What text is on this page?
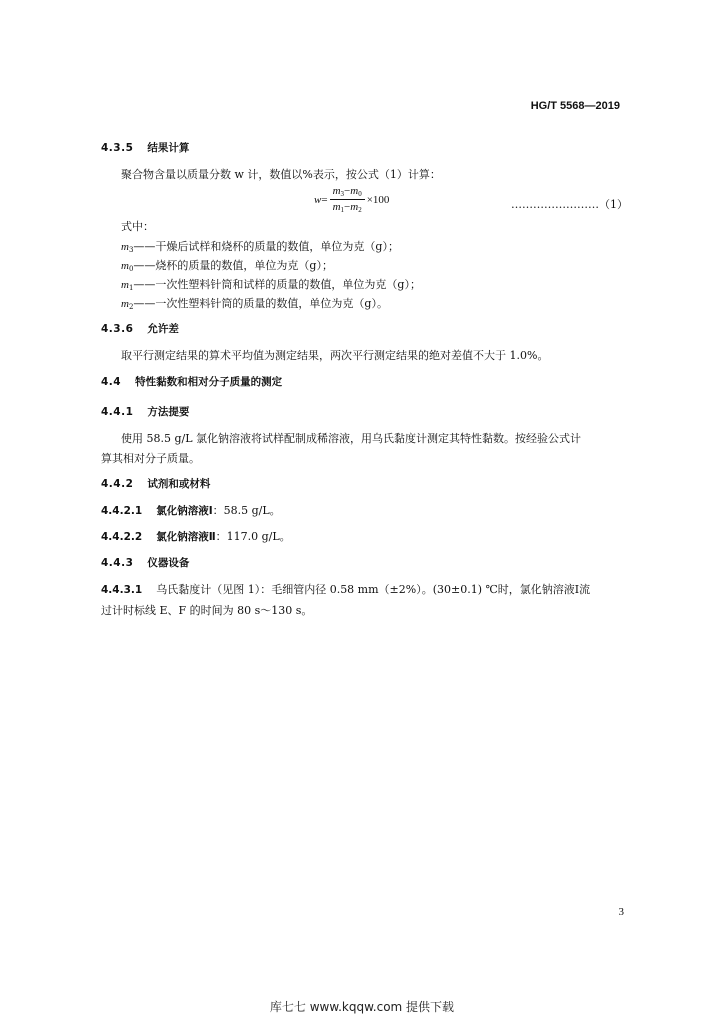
HG/T 5568—2019
4.3.5 结果计算
聚合物含量以质量分数 w 计，数值以%表示，按公式（1）计算：
$w = \frac{m_3-m_0}{m_1-m_2} \times 100$	……………………（1）
式中：
$m_3——$干燥后试样和烧杯的质量的数值，单位为克（g）；
$m_0——$烧杯的质量的数值，单位为克（g）；
$m_1——$一次性塑料针筒和试样的质量的数值，单位为克（g）；
$m_2——$一次性塑料针筒的质量的数值，单位为克（g）。
4.3.6 允许差
取平行测定结果的算术平均值为测定结果，两次平行测定结果的绝对差值不大于 1.0%。
4.4 特性黏数和相对分子质量的测定
4.4.1 方法提要
使用 58.5 g/L 氯化钠溶液将试样配制成稀溶液，用乌氏黏度计测定其特性黏数。按经验公式计
算其相对分子质量。
4.4.2 试剂和或材料
4.4.2.1 氯化钠溶液Ⅰ：58.5 g/L。
4.4.2.2 氯化钠溶液Ⅱ：117.0 g/L。
4.4.3 仪器设备
4.4.3.1 乌氏黏度计（见图 1）：毛细管内径 0.58 mm（±2%）。(30±0.1) ℃时，氯化钠溶液Ⅰ流
过计时标线 E、F 的时间为 80 s～130 s。
3
库七七 www.kqqw.com 提供下载
